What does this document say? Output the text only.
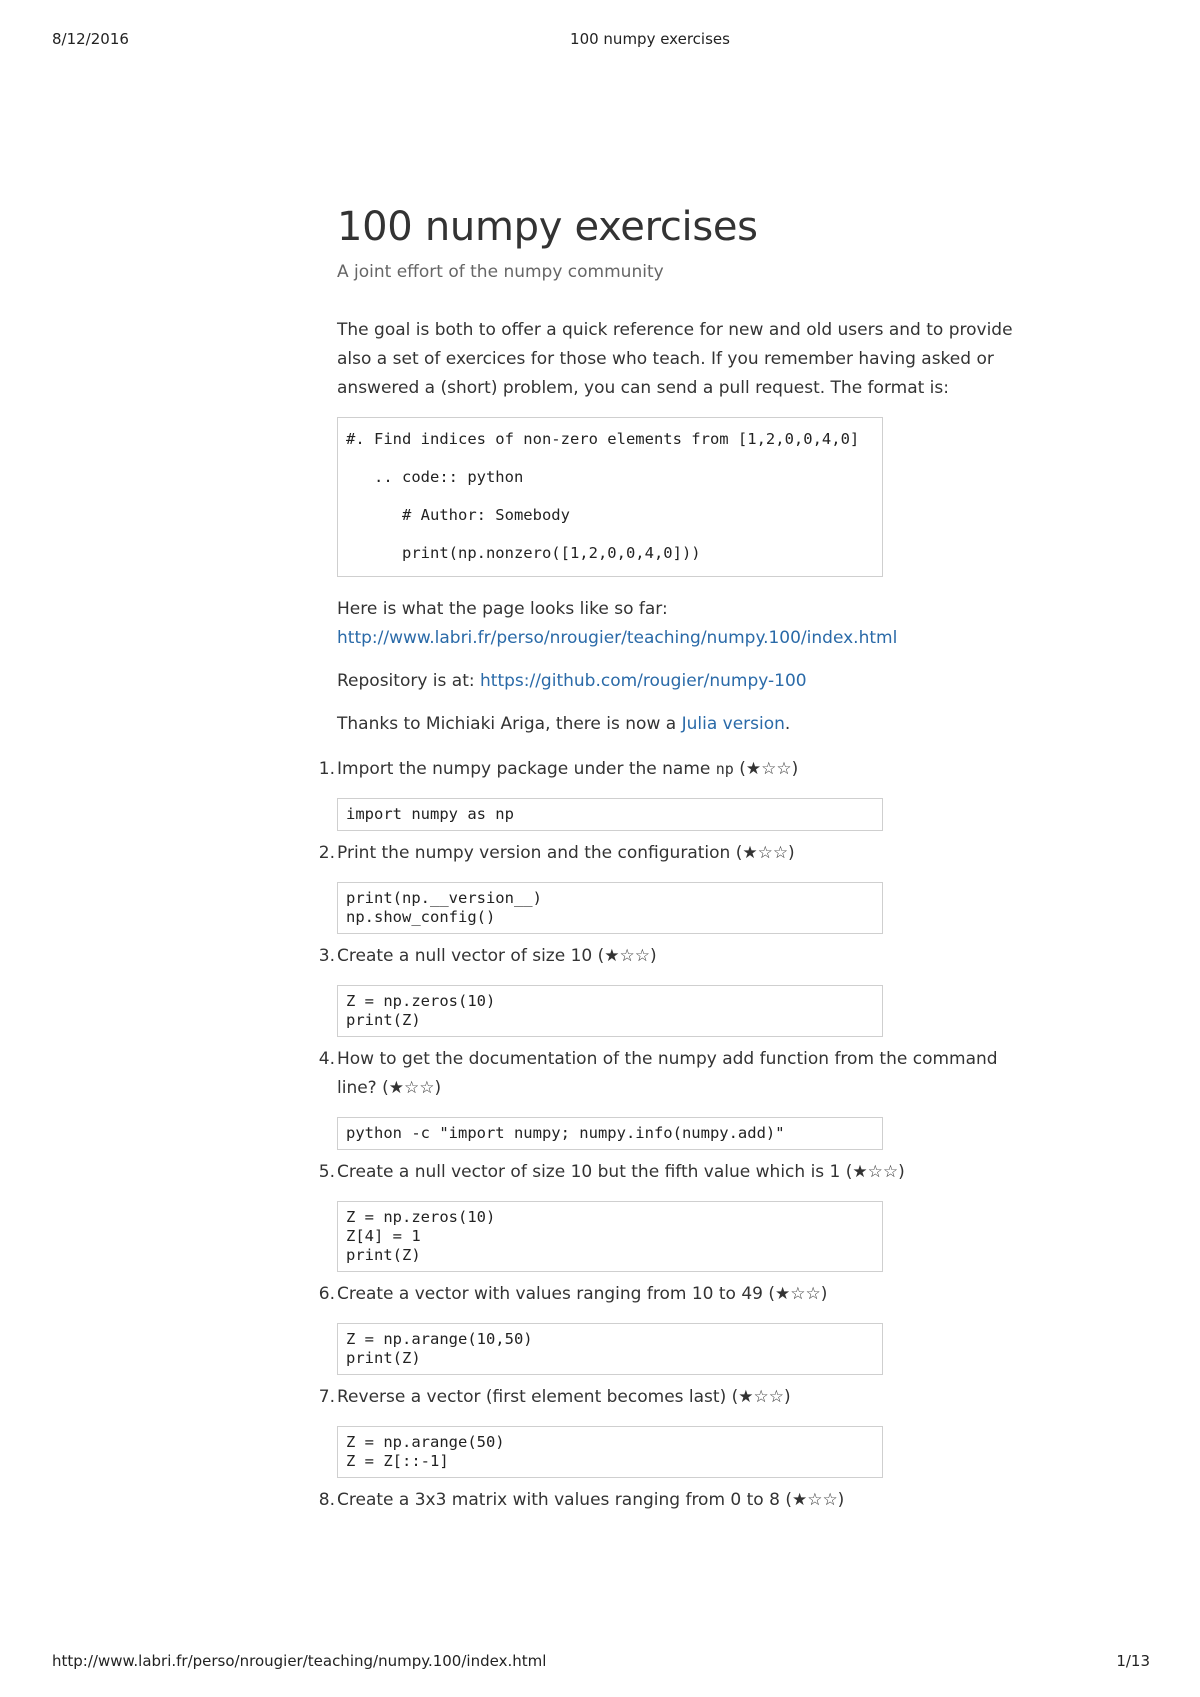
8/12/2016	100 numpy exercises
100 numpy exercises
A joint effort of the numpy community

The goal is both to offer a quick reference for new and old users and to provide also a set of exercices for those who teach. If you remember having asked or answered a (short) problem, you can send a pull request. The format is:

#. Find indices of non-zero elements from [1,2,0,0,4,0]
.. code:: python
# Author: Somebody
print(np.nonzero([1,2,0,0,4,0]))

Here is what the page looks like so far:
http://www.labri.fr/perso/nrougier/teaching/numpy.100/index.html

Repository is at: https://github.com/rougier/numpy-100

Thanks to Michiaki Ariga, there is now a Julia version.

1. Import the numpy package under the name np (★☆☆)
import numpy as np
2. Print the numpy version and the configuration (★☆☆)
print(np.__version__)
np.show_config()
3. Create a null vector of size 10 (★☆☆)
Z = np.zeros(10)
print(Z)
4. How to get the documentation of the numpy add function from the command line? (★☆☆)
python -c "import numpy; numpy.info(numpy.add)"
5. Create a null vector of size 10 but the fifth value which is 1 (★☆☆)
Z = np.zeros(10)
Z[4] = 1
print(Z)
6. Create a vector with values ranging from 10 to 49 (★☆☆)
Z = np.arange(10,50)
print(Z)
7. Reverse a vector (first element becomes last) (★☆☆)
Z = np.arange(50)
Z = Z[::-1]
8. Create a 3x3 matrix with values ranging from 0 to 8 (★☆☆)
http://www.labri.fr/perso/nrougier/teaching/numpy.100/index.html	1/13
